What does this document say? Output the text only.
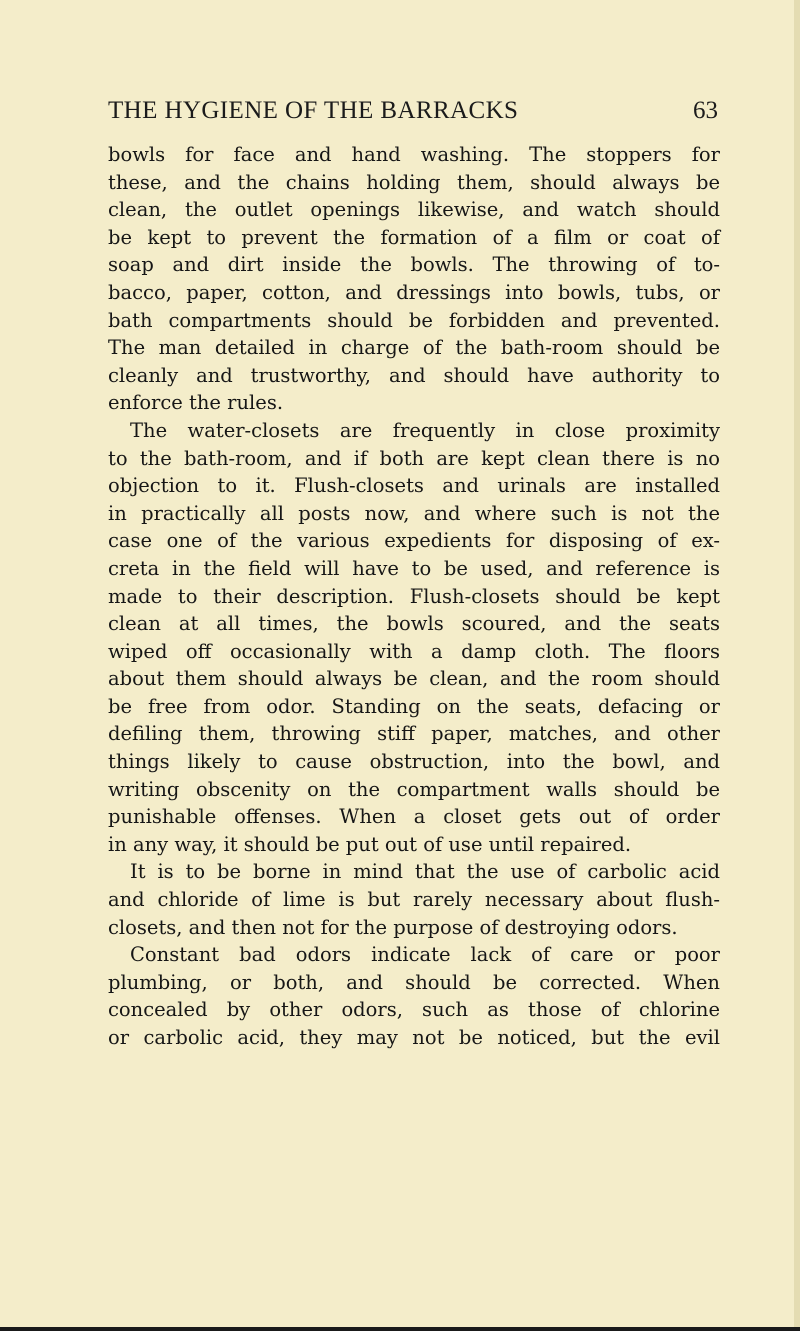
THE HYGIENE OF THE BARRACKS	63
bowls for face and hand washing. The stoppers for
these, and the chains holding them, should always be
clean, the outlet openings likewise, and watch should
be kept to prevent the formation of a film or coat of
soap and dirt inside the bowls. The throwing of to-
bacco, paper, cotton, and dressings into bowls, tubs, or
bath compartments should be forbidden and prevented.
The man detailed in charge of the bath-room should be
cleanly and trustworthy, and should have authority to
enforce the rules.
The water-closets are frequently in close proximity
to the bath-room, and if both are kept clean there is no
objection to it. Flush-closets and urinals are installed
in practically all posts now, and where such is not the
case one of the various expedients for disposing of ex-
creta in the field will have to be used, and reference is
made to their description. Flush-closets should be kept
clean at all times, the bowls scoured, and the seats
wiped off occasionally with a damp cloth. The floors
about them should always be clean, and the room should
be free from odor. Standing on the seats, defacing or
defiling them, throwing stiff paper, matches, and other
things likely to cause obstruction, into the bowl, and
writing obscenity on the compartment walls should be
punishable offenses. When a closet gets out of order
in any way, it should be put out of use until repaired.
It is to be borne in mind that the use of carbolic acid
and chloride of lime is but rarely necessary about flush-
closets, and then not for the purpose of destroying odors.
Constant bad odors indicate lack of care or poor
plumbing, or both, and should be corrected. When
concealed by other odors, such as those of chlorine
or carbolic acid, they may not be noticed, but the evil
